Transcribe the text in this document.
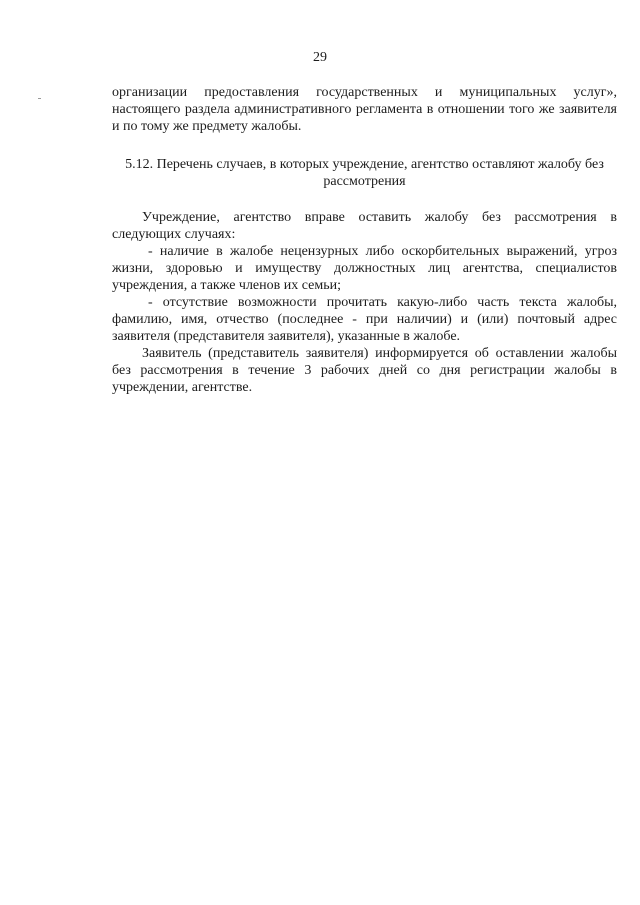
29

организации предоставления государственных и муниципальных услуг», настоящего раздела административного регламента в отношении того же заявителя и по тому же предмету жалобы.

5.12. Перечень случаев, в которых учреждение, агентство оставляют жалобу без рассмотрения

Учреждение, агентство вправе оставить жалобу без рассмотрения в следующих случаях:

- наличие в жалобе нецензурных либо оскорбительных выражений, угроз жизни, здоровью и имуществу должностных лиц агентства, специалистов учреждения, а также членов их семьи;

- отсутствие возможности прочитать какую-либо часть текста жалобы, фамилию, имя, отчество (последнее - при наличии) и (или) почтовый адрес заявителя (представителя заявителя), указанные в жалобе.

Заявитель (представитель заявителя) информируется об оставлении жалобы без рассмотрения в течение 3 рабочих дней со дня регистрации жалобы в учреждении, агентстве.
